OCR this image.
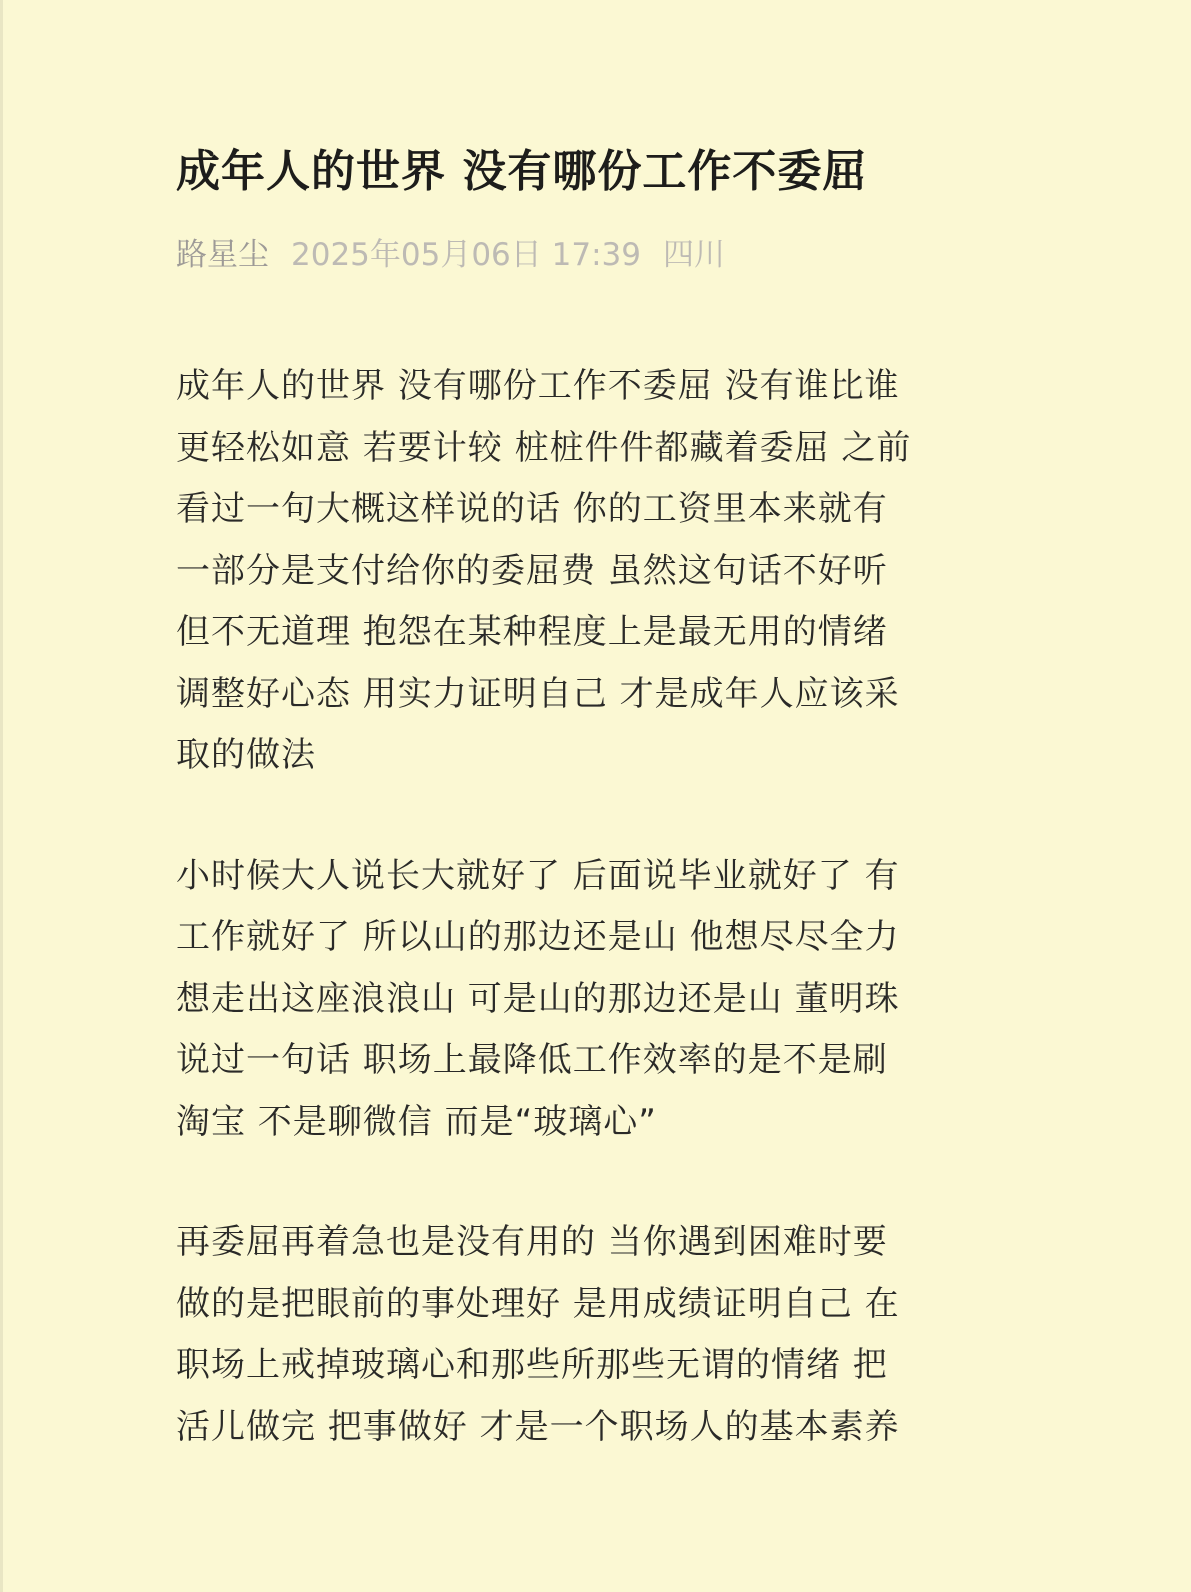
成年人的世界 没有哪份工作不委屈
路星尘 2025年05月06日 17:39 四川

成年人的世界 没有哪份工作不委屈 没有谁比谁
更轻松如意 若要计较 桩桩件件都藏着委屈 之前
看过一句大概这样说的话 你的工资里本来就有
一部分是支付给你的委屈费 虽然这句话不好听
但不无道理 抱怨在某种程度上是最无用的情绪
调整好心态 用实力证明自己 才是成年人应该采
取的做法

小时候大人说长大就好了 后面说毕业就好了 有
工作就好了 所以山的那边还是山 他想尽尽全力
想走出这座浪浪山 可是山的那边还是山 董明珠
说过一句话 职场上最降低工作效率的是不是刷
淘宝 不是聊微信 而是“玻璃心”

再委屈再着急也是没有用的 当你遇到困难时要
做的是把眼前的事处理好 是用成绩证明自己 在
职场上戒掉玻璃心和那些所那些无谓的情绪 把
活儿做完 把事做好 才是一个职场人的基本素养
